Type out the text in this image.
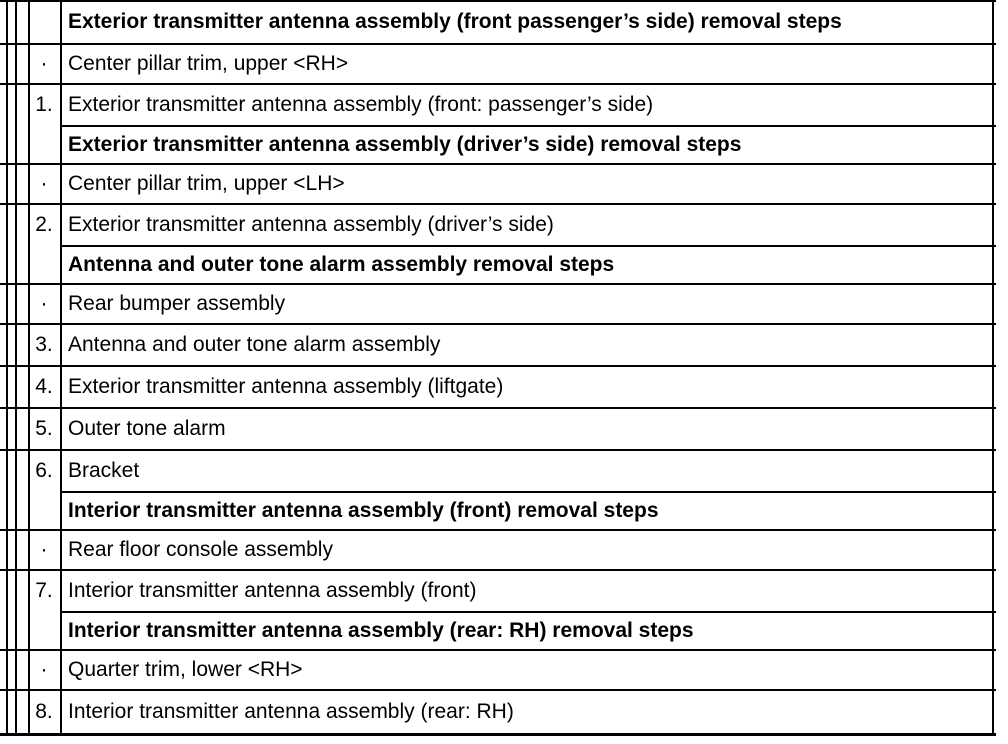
Exterior transmitter antenna assembly (front passenger’s side) removal steps
· Center pillar trim, upper <RH>
1. Exterior transmitter antenna assembly (front: passenger’s side)
Exterior transmitter antenna assembly (driver’s side) removal steps
· Center pillar trim, upper <LH>
2. Exterior transmitter antenna assembly (driver’s side)
Antenna and outer tone alarm assembly removal steps
· Rear bumper assembly
3. Antenna and outer tone alarm assembly
4. Exterior transmitter antenna assembly (liftgate)
5. Outer tone alarm
6. Bracket
Interior transmitter antenna assembly (front) removal steps
· Rear floor console assembly
7. Interior transmitter antenna assembly (front)
Interior transmitter antenna assembly (rear: RH) removal steps
· Quarter trim, lower <RH>
8. Interior transmitter antenna assembly (rear: RH)
